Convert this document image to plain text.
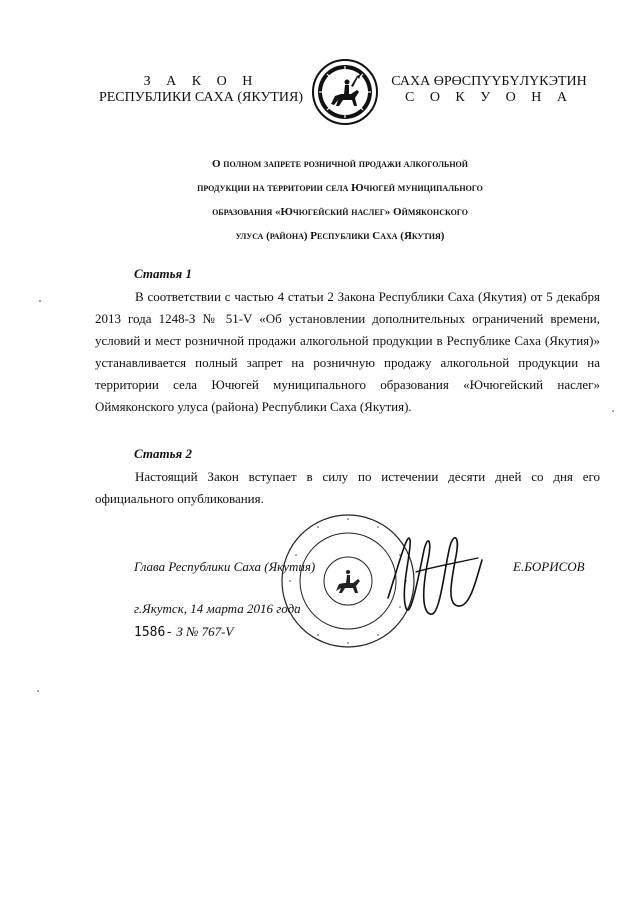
З А К О Н
РЕСПУБЛИКИ САХА (ЯКУТИЯ)
САХА ӨРӨСПYYБYЛYКЭТИН
С О К У О Н А
О полном запрете розничной продажи алкогольной
продукции на территории села Ючюгей муниципального
образования «Ючюгейский наслег» Оймяконского
улуса (района) Республики Саха (Якутия)
Статья 1
В соответствии с частью 4 статьи 2 Закона Республики Саха (Якутия) от 5 декабря 2013 года 1248-З № 51-V «Об установлении дополнительных ограничений времени, условий и мест розничной продажи алкогольной продукции в Республике Саха (Якутия)» устанавливается полный запрет на розничную продажу алкогольной продукции на территории села Ючюгей муниципального образования «Ючюгейский наслег» Оймяконского улуса (района) Республики Саха (Якутия).
Статья 2
Настоящий Закон вступает в силу по истечении десяти дней со дня его официального опубликования.
Глава Республики Саха (Якутия)	Е.БОРИСОВ
г.Якутск, 14 марта 2016 года
1586- З № 767-V
